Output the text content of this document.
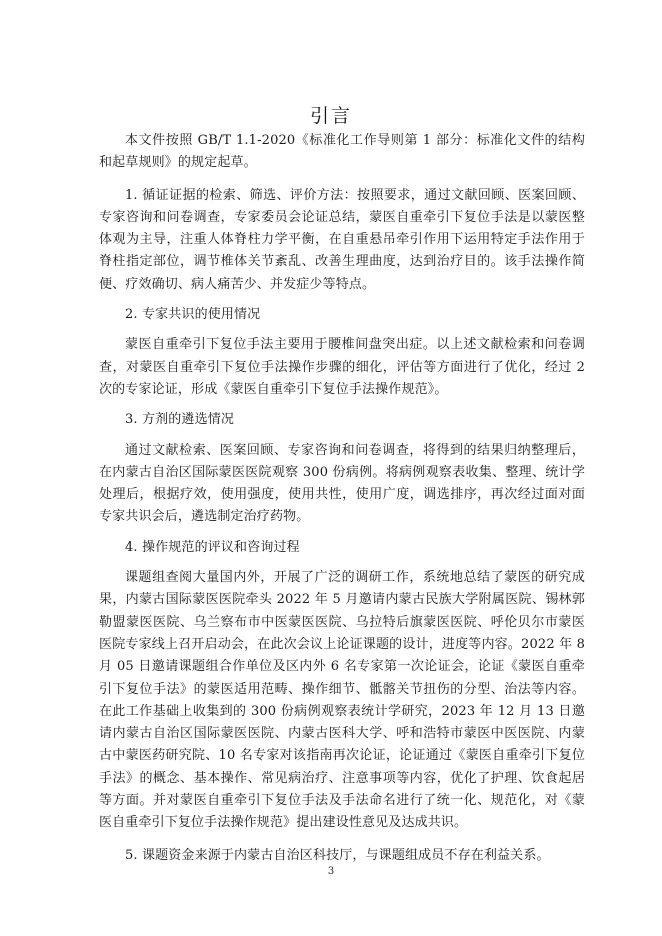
引言

本文件按照 GB/T 1.1-2020《标准化工作导则第 1 部分：标准化文件的结构和起草规则》的规定起草。

1. 循证证据的检索、筛选、评价方法：按照要求，通过文献回顾、医案回顾、专家咨询和问卷调查，专家委员会论证总结，蒙医自重牵引下复位手法是以蒙医整体观为主导，注重人体脊柱力学平衡，在自重悬吊牵引作用下运用特定手法作用于脊柱指定部位，调节椎体关节紊乱、改善生理曲度，达到治疗目的。该手法操作简便、疗效确切、病人痛苦少、并发症少等特点。

2. 专家共识的使用情况

蒙医自重牵引下复位手法主要用于腰椎间盘突出症。以上述文献检索和问卷调查，对蒙医自重牵引下复位手法操作步骤的细化，评估等方面进行了优化，经过 2 次的专家论证，形成《蒙医自重牵引下复位手法操作规范》。

3. 方剂的遴选情况

通过文献检索、医案回顾、专家咨询和问卷调查，将得到的结果归纳整理后，在内蒙古自治区国际蒙医医院观察 300 份病例。将病例观察表收集、整理、统计学处理后，根据疗效，使用强度，使用共性，使用广度，调选排序，再次经过面对面专家共识会后，遴选制定治疗药物。

4. 操作规范的评议和咨询过程

课题组查阅大量国内外，开展了广泛的调研工作，系统地总结了蒙医的研究成果，内蒙古国际蒙医医院牵头 2022 年 5 月邀请内蒙古民族大学附属医院、锡林郭勒盟蒙医医院、乌兰察布市中医蒙医医院、乌拉特后旗蒙医医院、呼伦贝尔市蒙医医院专家线上召开启动会，在此次会议上论证课题的设计，进度等内容。2022 年 8 月 05 日邀请课题组合作单位及区内外 6 名专家第一次论证会，论证《蒙医自重牵引下复位手法》的蒙医适用范畴、操作细节、骶髂关节扭伤的分型、治法等内容。在此工作基础上收集到的 300 份病例观察表统计学研究，2023 年 12 月 13 日邀请内蒙古自治区国际蒙医医院、内蒙古医科大学、呼和浩特市蒙医中医医院、内蒙古中蒙医药研究院、10 名专家对该指南再次论证，论证通过《蒙医自重牵引下复位手法》的概念、基本操作、常见病治疗、注意事项等内容，优化了护理、饮食起居等方面。并对蒙医自重牵引下复位手法及手法命名进行了统一化、规范化，对《蒙医自重牵引下复位手法操作规范》提出建设性意见及达成共识。

5. 课题资金来源于内蒙古自治区科技厅，与课题组成员不存在利益关系。

3
